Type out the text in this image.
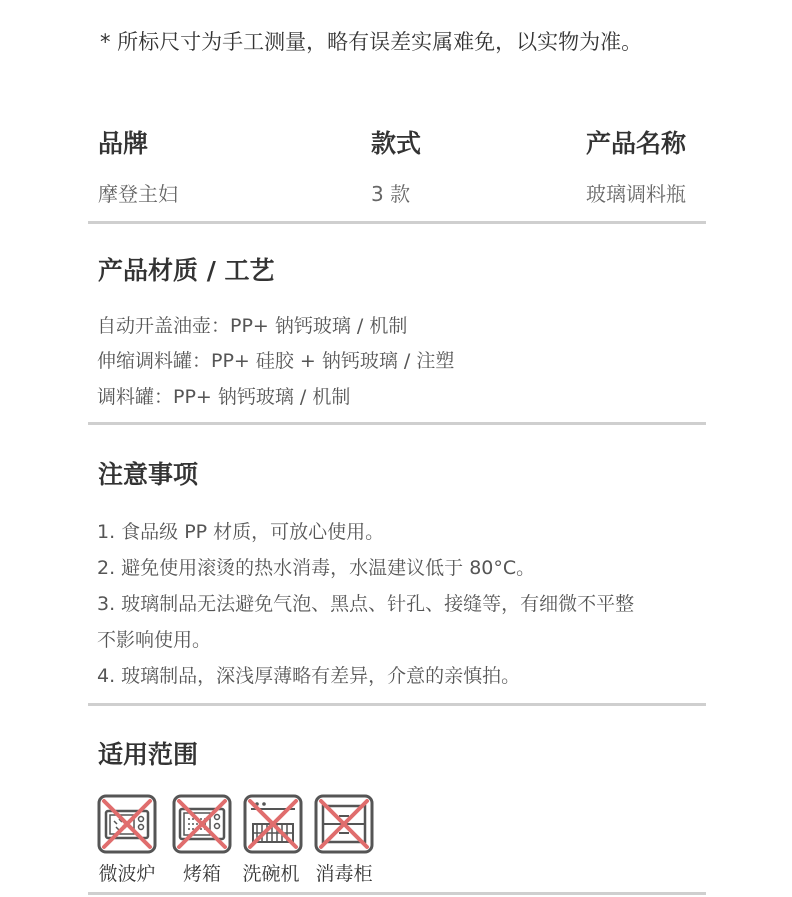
* 所标尺寸为手工测量，略有误差实属难免，以实物为准。
品牌	款式	产品名称
摩登主妇	3 款	玻璃调料瓶
产品材质 / 工艺
自动开盖油壶：PP+ 钠钙玻璃 / 机制
伸缩调料罐：PP+ 硅胶 + 钠钙玻璃 / 注塑
调料罐：PP+ 钠钙玻璃 / 机制
注意事项
1. 食品级 PP 材质，可放心使用。
2. 避免使用滚烫的热水消毒，水温建议低于 80°C。
3. 玻璃制品无法避免气泡、黑点、针孔、接缝等，有细微不平整
不影响使用。
4. 玻璃制品，深浅厚薄略有差异，介意的亲慎拍。
适用范围
微波炉	烤箱	洗碗机 消毒柜
